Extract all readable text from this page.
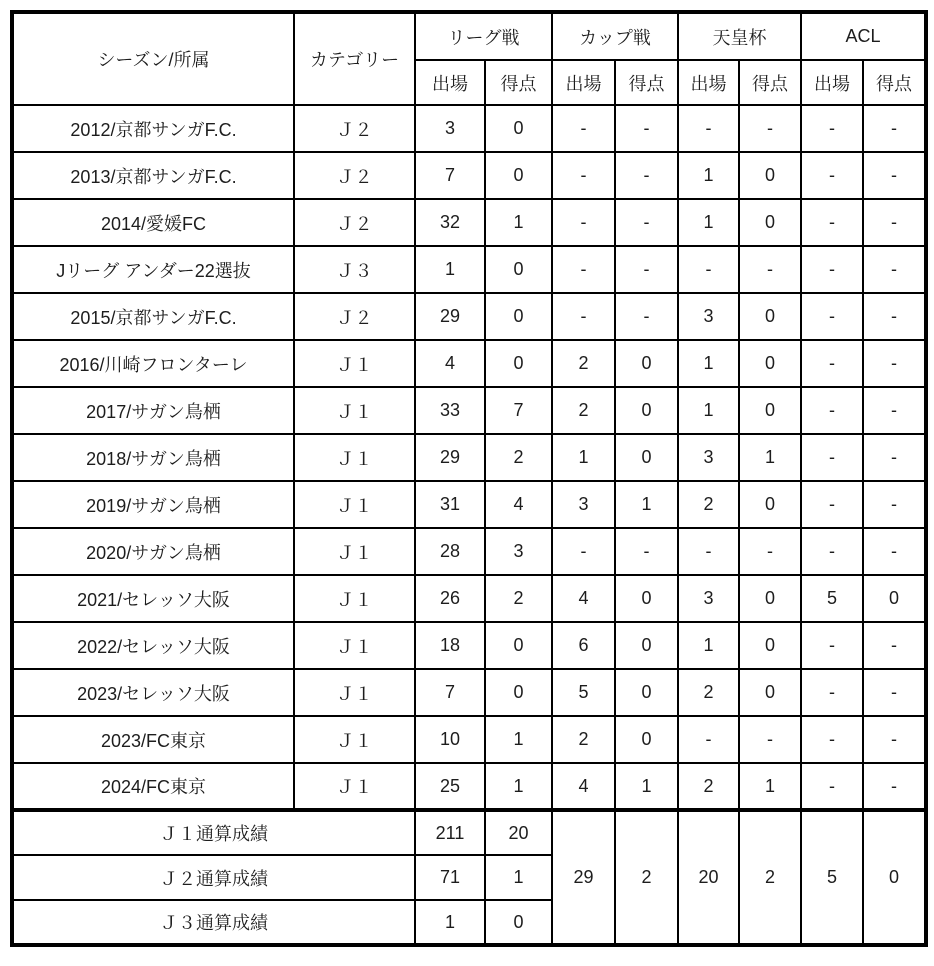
シーズン/所属	カテゴリー	リーグ戦		カップ戦		天皇杯		ACL	
		出場	得点	出場	得点	出場	得点	出場	得点
2012/京都サンガF.C.	Ｊ２	3	0	-	-	-	-	-	-
2013/京都サンガF.C.	Ｊ２	7	0	-	-	1	0	-	-
2014/愛媛FC	Ｊ２	32	1	-	-	1	0	-	-
Jリーグ アンダー22選抜	Ｊ３	1	0	-	-	-	-	-	-
2015/京都サンガF.C.	Ｊ２	29	0	-	-	3	0	-	-
2016/川崎フロンターレ	Ｊ１	4	0	2	0	1	0	-	-
2017/サガン鳥栖	Ｊ１	33	7	2	0	1	0	-	-
2018/サガン鳥栖	Ｊ１	29	2	1	0	3	1	-	-
2019/サガン鳥栖	Ｊ１	31	4	3	1	2	0	-	-
2020/サガン鳥栖	Ｊ１	28	3	-	-	-	-	-	-
2021/セレッソ大阪	Ｊ１	26	2	4	0	3	0	5	0
2022/セレッソ大阪	Ｊ１	18	0	6	0	1	0	-	-
2023/セレッソ大阪	Ｊ１	7	0	5	0	2	0	-	-
2023/FC東京	Ｊ１	10	1	2	0	-	-	-	-
2024/FC東京	Ｊ１	25	1	4	1	2	1	-	-
Ｊ１通算成績		211	20	29	2	20	2	5	0
Ｊ２通算成績		71	1						
Ｊ３通算成績		1	0						
